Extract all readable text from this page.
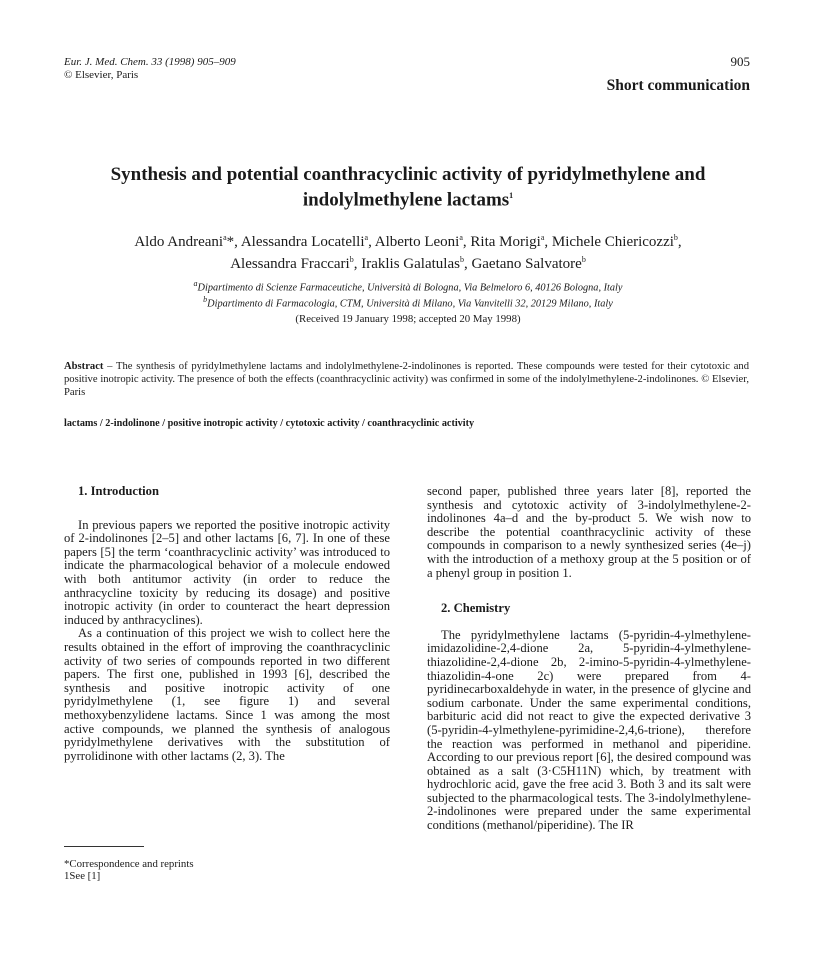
Eur. J. Med. Chem. 33 (1998) 905–909
© Elsevier, Paris
905
Short communication
Synthesis and potential coanthracyclinic activity of pyridylmethylene and
indolylmethylene lactams$^1$
Aldo Andreani$^a$*, Alessandra Locatelli$^a$, Alberto Leoni$^a$, Rita Morigi$^a$, Michele Chiericozzi$^b$,
Alessandra Fraccari$^b$, Iraklis Galatulas$^b$, Gaetano Salvatore$^b$
$^a$Dipartimento di Scienze Farmaceutiche, Università di Bologna, Via Belmeloro 6, 40126 Bologna, Italy
$^b$Dipartimento di Farmacologia, CTM, Università di Milano, Via Vanvitelli 32, 20129 Milano, Italy
(Received 19 January 1998; accepted 20 May 1998)
Abstract – The synthesis of pyridylmethylene lactams and indolylmethylene-2-indolinones is reported. These compounds were tested for their cytotoxic and positive inotropic activity. The presence of both the effects (coanthracyclinic activity) was confirmed in some of the indolylmethylene-2-indolinones. © Elsevier, Paris
lactams / 2-indolinone / positive inotropic activity / cytotoxic activity / coanthracyclinic activity
1. Introduction

In previous papers we reported the positive inotropic activity of 2-indolinones [2–5] and other lactams [6, 7]. In one of these papers [5] the term ‘coanthracyclinic activity’ was introduced to indicate the pharmacological behavior of a molecule endowed with both antitumor activity (in order to reduce the anthracycline toxicity by reducing its dosage) and positive inotropic activity (in order to counteract the heart depression induced by anthracyclines).

As a continuation of this project we wish to collect here the results obtained in the effort of improving the coanthracyclinic activity of two series of compounds reported in two different papers. The first one, published in 1993 [6], described the synthesis and positive inotropic activity of one pyridylmethylene (1, see figure 1) and several methoxybenzylidene lactams. Since 1 was among the most active compounds, we planned the synthesis of analogous pyridylmethylene derivatives with the substitution of pyrrolidinone with other lactams (2, 3). The

second paper, published three years later [8], reported the synthesis and cytotoxic activity of 3-indolylmethylene-2-indolinones 4a–d and the by-product 5. We wish now to describe the potential coanthracyclinic activity of these compounds in comparison to a newly synthesized series (4e–j) with the introduction of a methoxy group at the 5 position or of a phenyl group in position 1.

2. Chemistry

The pyridylmethylene lactams (5-pyridin-4-ylmethylene-imidazolidine-2,4-dione 2a, 5-pyridin-4-ylmethylene-thiazolidine-2,4-dione 2b, 2-imino-5-pyridin-4-ylmethylene-thiazolidin-4-one 2c) were prepared from 4-pyridinecarboxaldehyde in water, in the presence of glycine and sodium carbonate. Under the same experimental conditions, barbituric acid did not react to give the expected derivative 3 (5-pyridin-4-ylmethylene-pyrimidine-2,4,6-trione), therefore the reaction was performed in methanol and piperidine. According to our previous report [6], the desired compound was obtained as a salt (3·C5H11N) which, by treatment with hydrochloric acid, gave the free acid 3. Both 3 and its salt were subjected to the pharmacological tests. The 3-indolylmethylene-2-indolinones were prepared under the same experimental conditions (methanol/piperidine). The IR

*Correspondence and reprints
1See [1]
